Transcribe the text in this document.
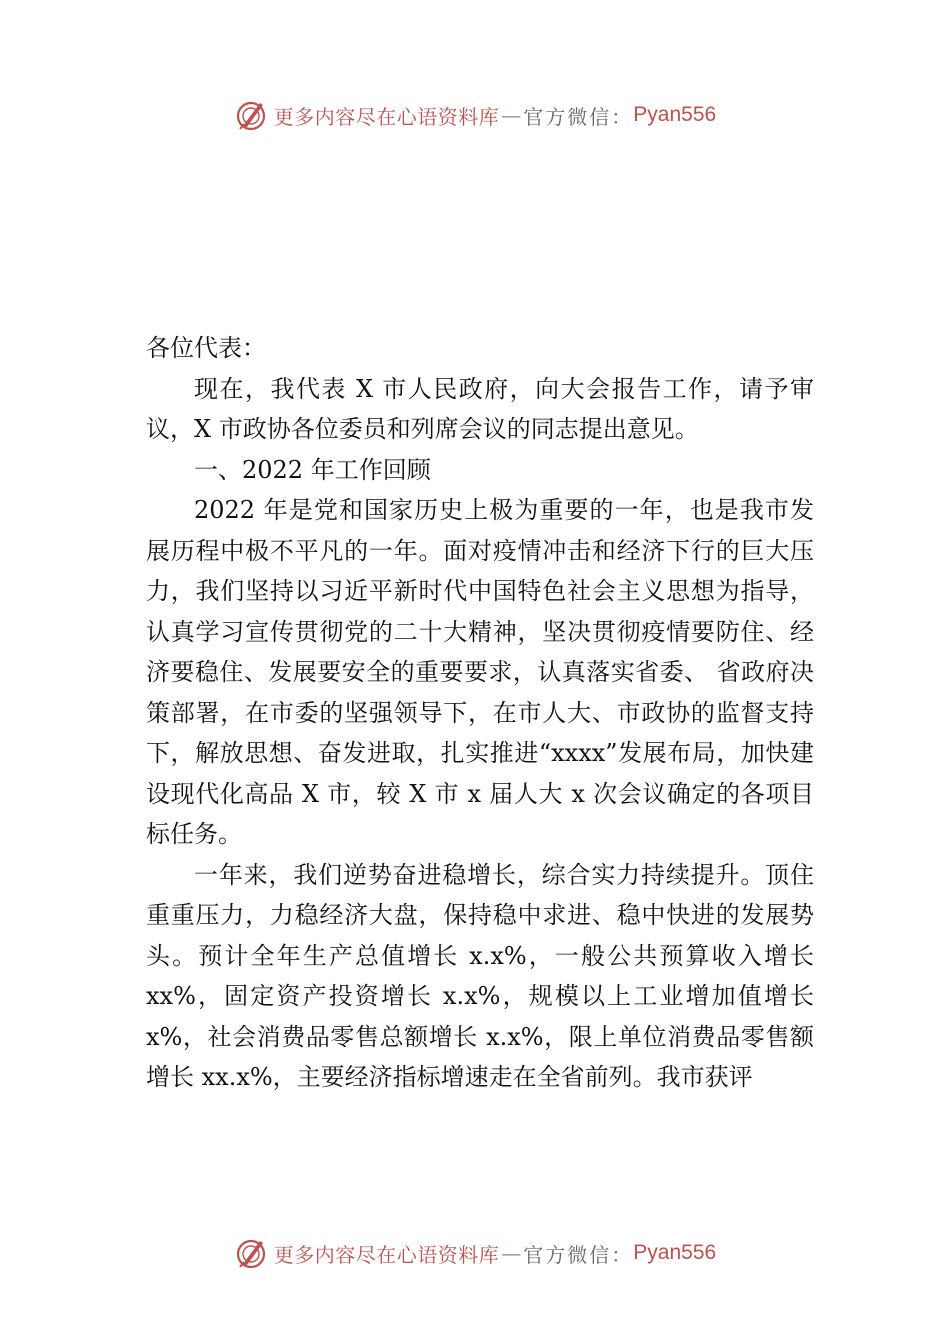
更多内容尽在心语资料库 — 官方微信： Pyan556

各位代表：

现在，我代表 X 市人民政府，向大会报告工作，请予审议，X 市政协各位委员和列席会议的同志提出意见。

一、2022 年工作回顾

2022 年是党和国家历史上极为重要的一年，也是我市发展历程中极不平凡的一年。面对疫情冲击和经济下行的巨大压力，我们坚持以习近平新时代中国特色社会主义思想为指导，认真学习宣传贯彻党的二十大精神，坚决贯彻疫情要防住、经济要稳住、发展要安全的重要要求，认真落实省委、 省政府决策部署，在市委的坚强领导下，在市人大、市政协的监督支持下，解放思想、奋发进取，扎实推进“xxxx”发展布局，加快建设现代化高品 X 市，较 X 市 x 届人大 x 次会议确定的各项目标任务。

一年来，我们逆势奋进稳增长，综合实力持续提升。顶住重重压力，力稳经济大盘，保持稳中求进、稳中快进的发展势头。预计全年生产总值增长 x.x%，一般公共预算收入增长 xx%，固定资产投资增长 x.x%，规模以上工业增加值增长 x%，社会消费品零售总额增长 x.x%，限上单位消费品零售额增长 xx.x%，主要经济指标增速走在全省前列。我市获评

更多内容尽在心语资料库 — 官方微信： Pyan556
